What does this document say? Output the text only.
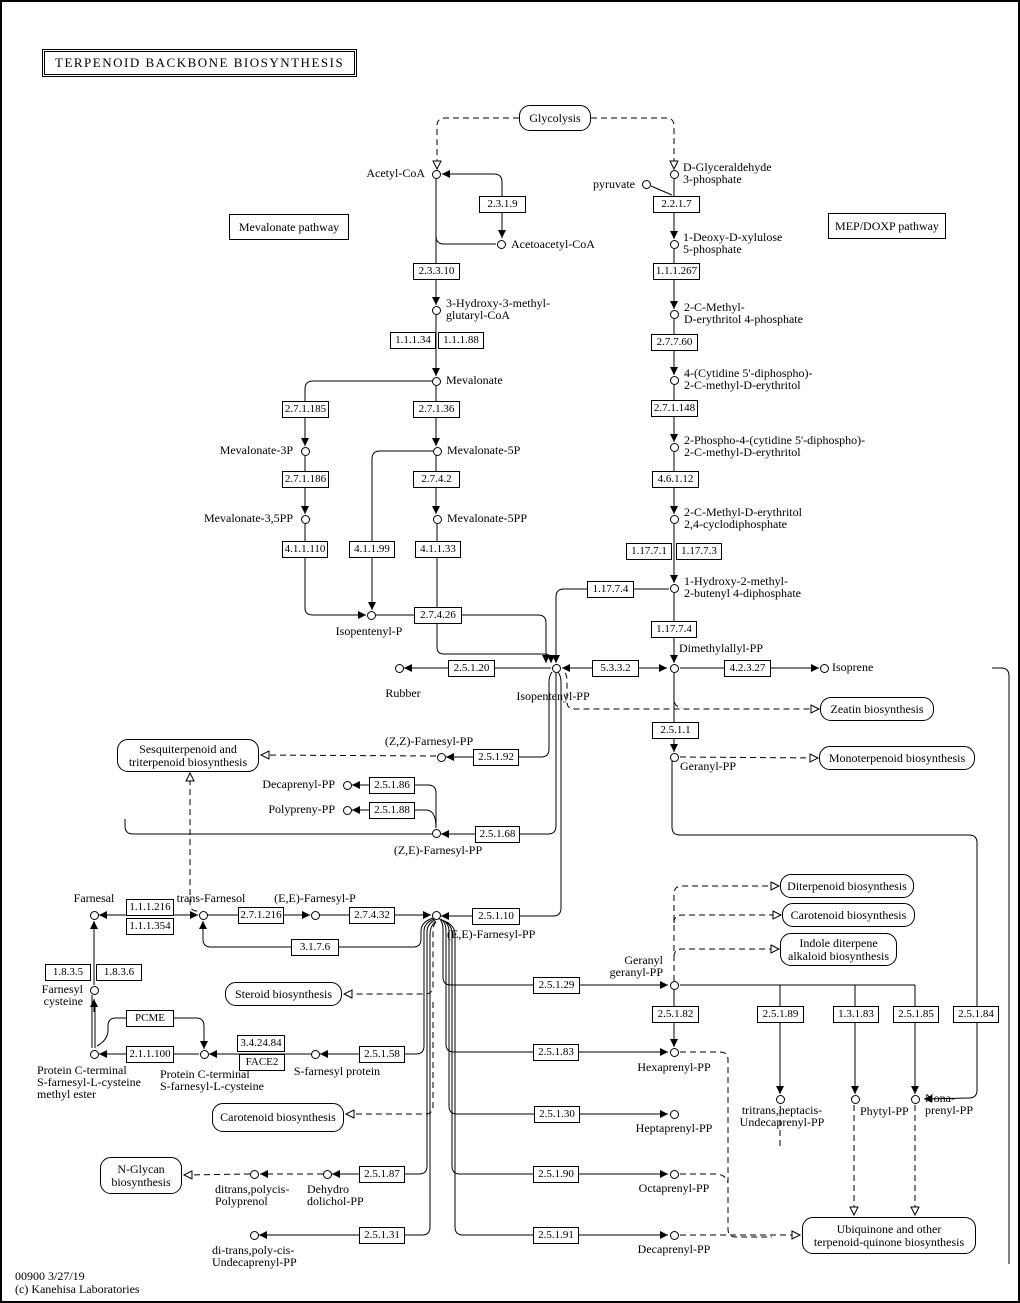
TERPENOID BACKBONE BIOSYNTHESIS
00900 3/27/19
(c) Kanehisa Laboratories
Mevalonate pathway	MEP/DOXP pathway
Glycolysis
Zeatin biosynthesis
Monoterpenoid biosynthesis
Sesquiterpenoid and
triterpenoid biosynthesis
Diterpenoid biosynthesis
Carotenoid biosynthesis
Indole diterpene
alkaloid biosynthesis
Steroid biosynthesis
Carotenoid biosynthesis
N-Glycan
biosynthesis
Ubiquinone and other
terpenoid-quinone biosynthesis
2.3.1.9	2.2.1.7
2.3.3.10	1.1.1.267
1.1.1.34	1.1.1.88	2.7.7.60
2.7.1.185	2.7.1.36	2.7.1.148
2.7.1.186	2.7.4.2	4.6.1.12
4.1.1.110	4.1.1.99	4.1.1.33	1.17.7.1	1.17.7.3
1.17.7.4
2.7.4.26
1.17.7.4
2.5.1.20	5.3.3.2	4.2.3.27
2.5.1.1
2.5.1.92
2.5.1.86
2.5.1.88
2.5.1.68
1.1.1.216
1.1.1.354
2.7.1.216	2.7.4.32	2.5.1.10
3.1.7.6
2.5.1.29
1.8.3.5	1.8.3.6
2.5.1.82	2.5.1.89	1.3.1.83	2.5.1.85	2.5.1.84
PCME
3.4.24.84
2.1.1.100
FACE2
2.5.1.58	2.5.1.83
2.5.1.30
2.5.1.87	2.5.1.90
2.5.1.31	2.5.1.91
Acetyl-CoA
Acetoacetyl-CoA
D-Glyceraldehyde
3-phosphate
pyruvate
1-Deoxy-D-xylulose
5-phosphate
3-Hydroxy-3-methyl-
glutaryl-CoA
2-C-Methyl-
D-erythritol 4-phosphate
Mevalonate
Mevalonate-3P	Mevalonate-5P
4-(Cytidine 5'-diphospho)-
2-C-methyl-D-erythritol
Mevalonate-3,5PP	Mevalonate-5PP
2-Phospho-4-(cytidine 5'-diphospho)-
2-C-methyl-D-erythritol
2-C-Methyl-D-erythritol
2,4-cyclodiphosphate
1-Hydroxy-2-methyl-
2-butenyl 4-diphosphate
Isopentenyl-P
Rubber	Isopentenyl-PP
Dimethylallyl-PP
Isoprene
Geranyl-PP
(Z,Z)-Farnesyl-PP
Decaprenyl-PP
Polypreny-PP
(Z,E)-Farnesyl-PP
Farnesal	trans-Farnesol (E,E)-Farnesyl-P
(E,E)-Farnesyl-PP
Farnesyl
cysteine
Geranyl
geranyl-PP
Protein C-terminal
S-farnesyl-L-cysteine
methyl ester
Protein C-terminal
S-farnesyl-L-cysteine
S-farnesyl protein	Hexaprenyl-PP
Heptaprenyl-PP
tritrans,heptacis-
Undecaprenyl-PP
Phytyl-PP
Nona-
prenyl-PP
Octaprenyl-PP
Decaprenyl-PP
ditrans,polycis-
Polyprenol
Dehydro
dolichol-PP
di-trans,poly-cis-
Undecaprenyl-PP
